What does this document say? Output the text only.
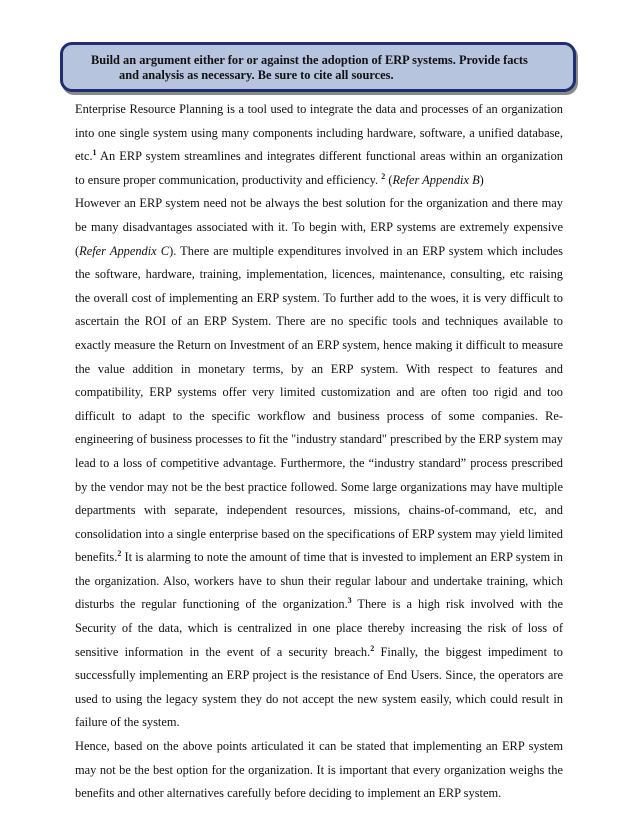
Build an argument either for or against the adoption of ERP systems. Provide facts
and analysis as necessary. Be sure to cite all sources.

Enterprise Resource Planning is a tool used to integrate the data and processes of an organization into one single system using many components including hardware, software, a unified database, etc.$^1$ An ERP system streamlines and integrates different functional areas within an organization to ensure proper communication, productivity and efficiency. $^2$ (Refer Appendix B)

However an ERP system need not be always the best solution for the organization and there may be many disadvantages associated with it. To begin with, ERP systems are extremely expensive (Refer Appendix C). There are multiple expenditures involved in an ERP system which includes the software, hardware, training, implementation, licences, maintenance, consulting, etc raising the overall cost of implementing an ERP system. To further add to the woes, it is very difficult to ascertain the ROI of an ERP System. There are no specific tools and techniques available to exactly measure the Return on Investment of an ERP system, hence making it difficult to measure the value addition in monetary terms, by an ERP system. With respect to features and compatibility, ERP systems offer very limited customization and are often too rigid and too difficult to adapt to the specific workflow and business process of some companies. Re-engineering of business processes to fit the "industry standard" prescribed by the ERP system may lead to a loss of competitive advantage. Furthermore, the “industry standard” process prescribed by the vendor may not be the best practice followed. Some large organizations may have multiple departments with separate, independent resources, missions, chains-of-command, etc, and consolidation into a single enterprise based on the specifications of ERP system may yield limited benefits.$^2$ It is alarming to note the amount of time that is invested to implement an ERP system in the organization. Also, workers have to shun their regular labour and undertake training, which disturbs the regular functioning of the organization.$^3$ There is a high risk involved with the Security of the data, which is centralized in one place thereby increasing the risk of loss of sensitive information in the event of a security breach.$^2$ Finally, the biggest impediment to successfully implementing an ERP project is the resistance of End Users. Since, the operators are used to using the legacy system they do not accept the new system easily, which could result in failure of the system.

Hence, based on the above points articulated it can be stated that implementing an ERP system may not be the best option for the organization. It is important that every organization weighs the benefits and other alternatives carefully before deciding to implement an ERP system.
